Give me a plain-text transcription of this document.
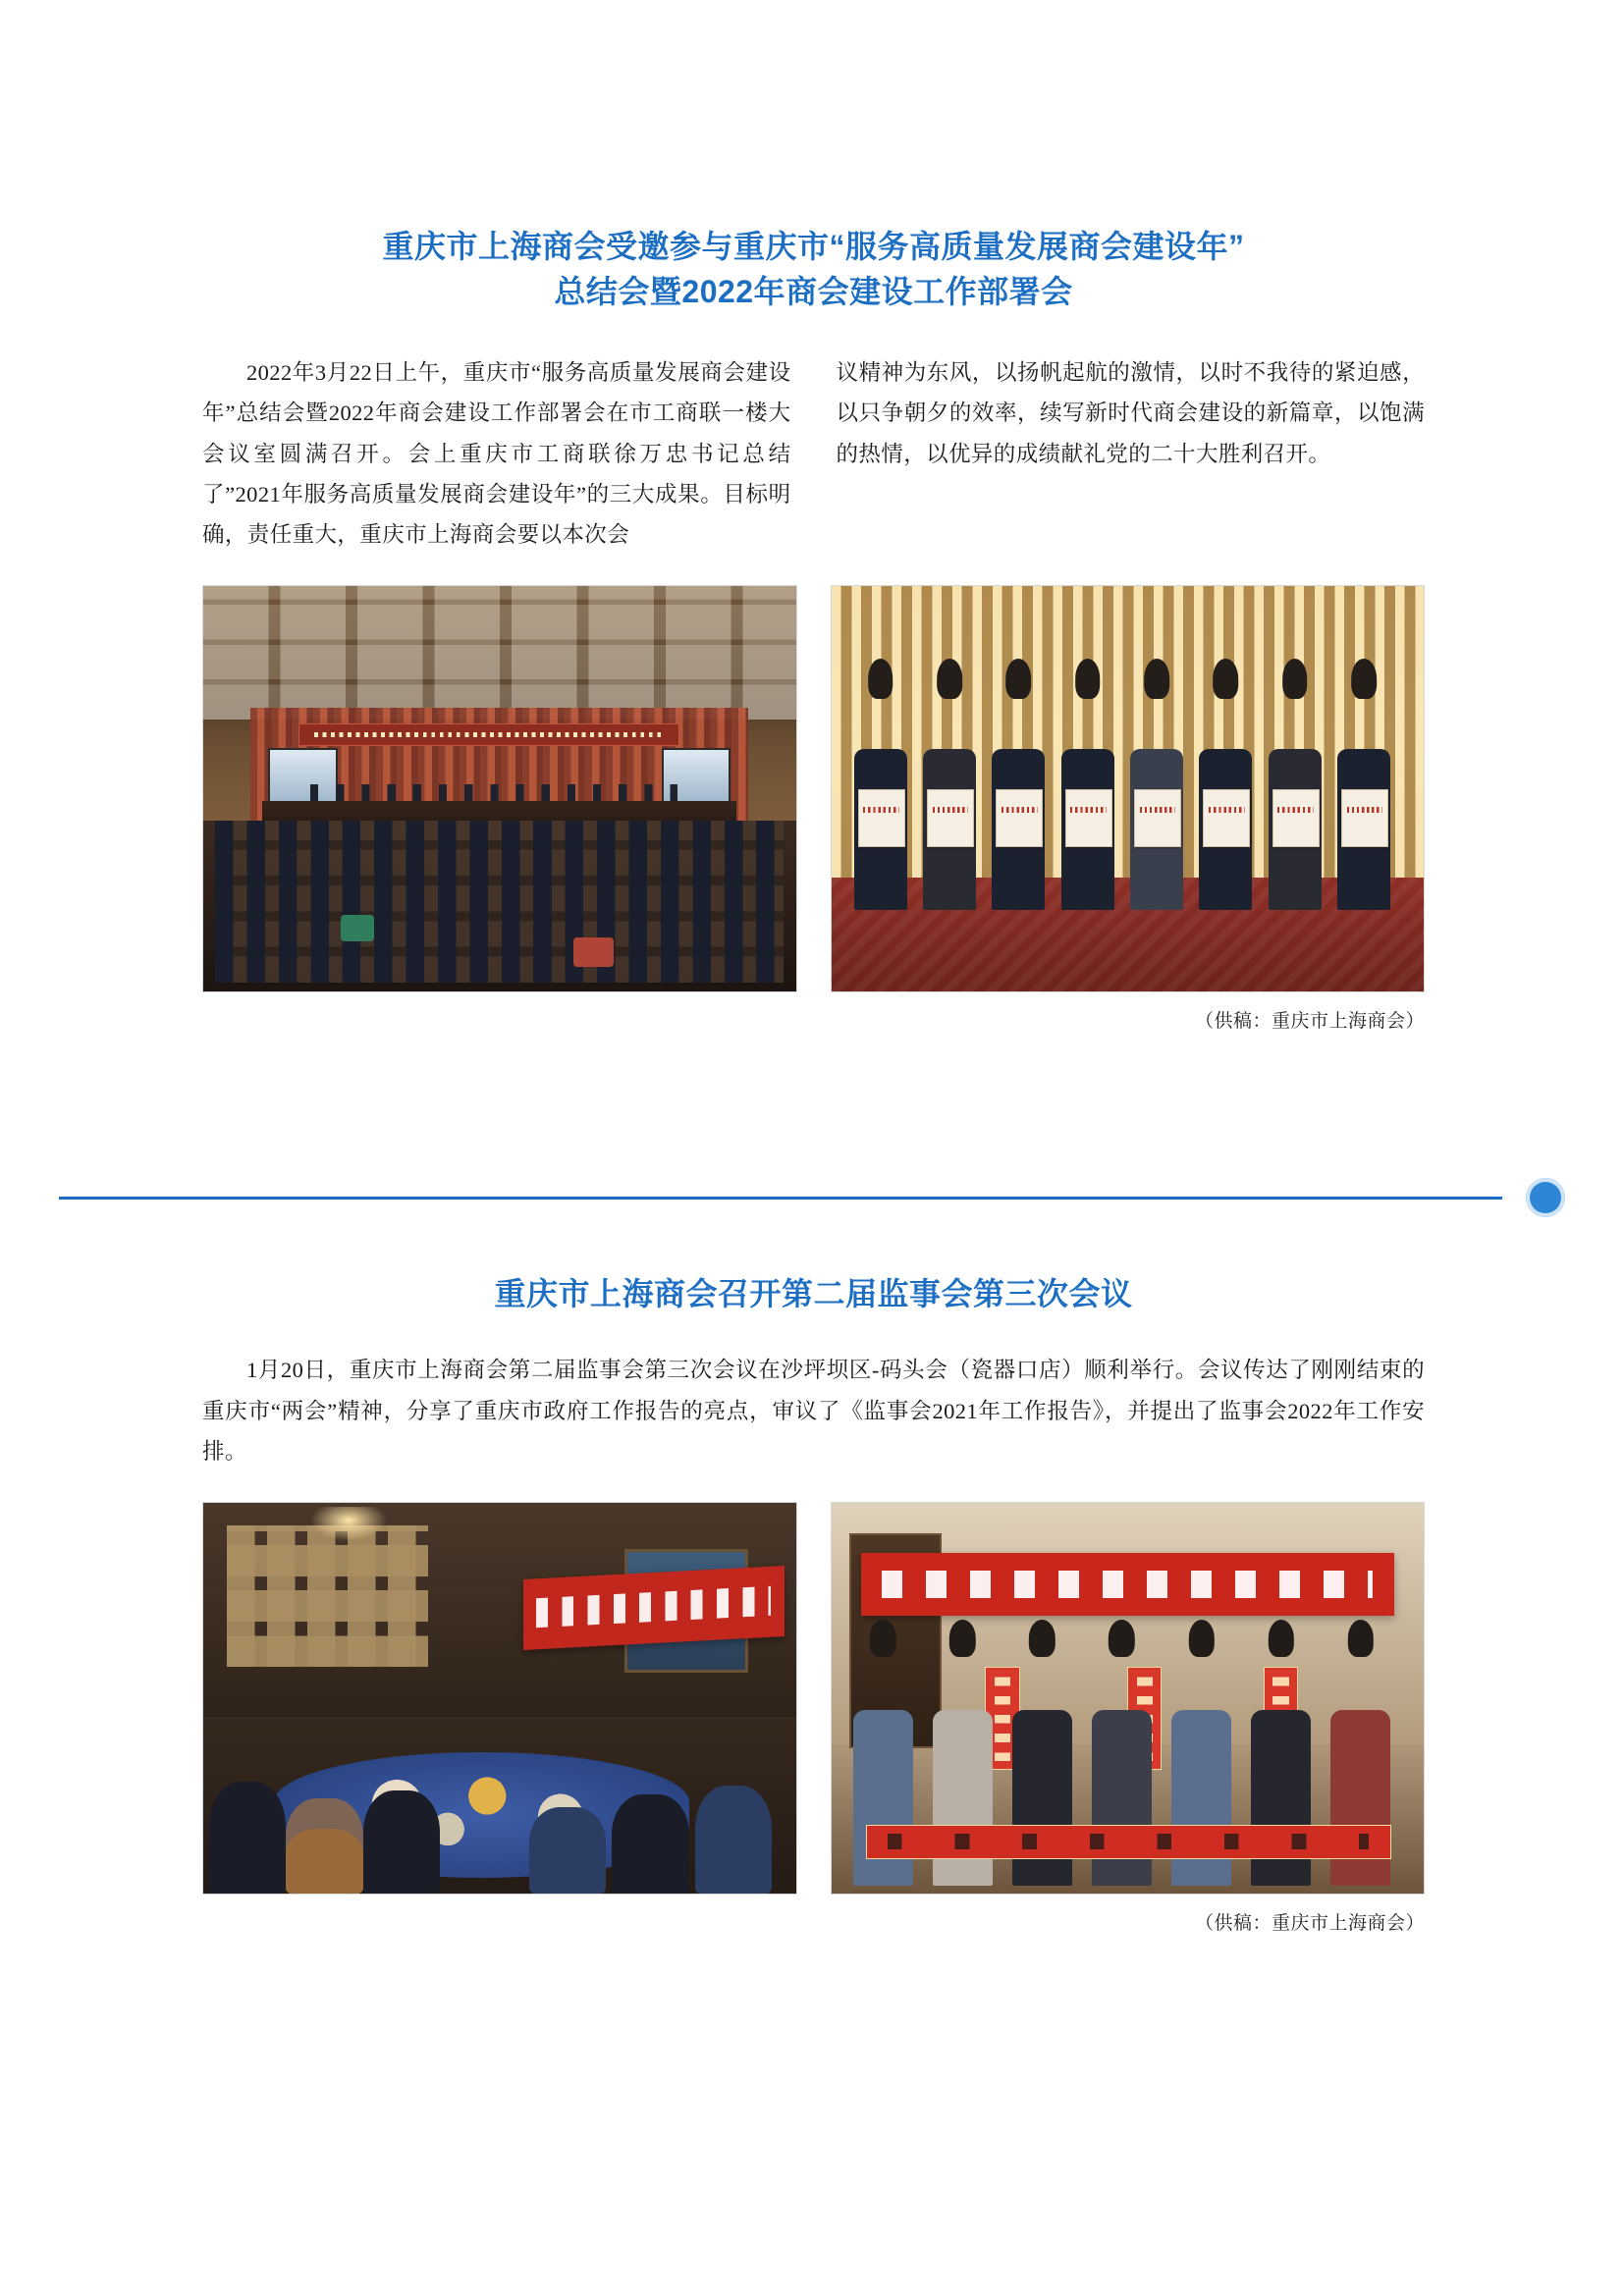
重庆市上海商会受邀参与重庆市“服务高质量发展商会建设年”
总结会暨2022年商会建设工作部署会

2022年3月22日上午，重庆市“服务高质量发展商会建设年”总结会暨2022年商会建设工作部署会在市工商联一楼大会议室圆满召开。会上重庆市工商联徐万忠书记总结了”2021年服务高质量发展商会建设年”的三大成果。目标明确，责任重大，重庆市上海商会要以本次会

议精神为东风，以扬帆起航的激情，以时不我待的紧迫感，以只争朝夕的效率，续写新时代商会建设的新篇章，以饱满的热情，以优异的成绩献礼党的二十大胜利召开。

（供稿：重庆市上海商会）
重庆市上海商会召开第二届监事会第三次会议

1月20日，重庆市上海商会第二届监事会第三次会议在沙坪坝区-码头会（瓷器口店）顺利举行。会议传达了刚刚结束的重庆市“两会”精神，分享了重庆市政府工作报告的亮点，审议了《监事会2021年工作报告》，并提出了监事会2022年工作安排。

（供稿：重庆市上海商会）
